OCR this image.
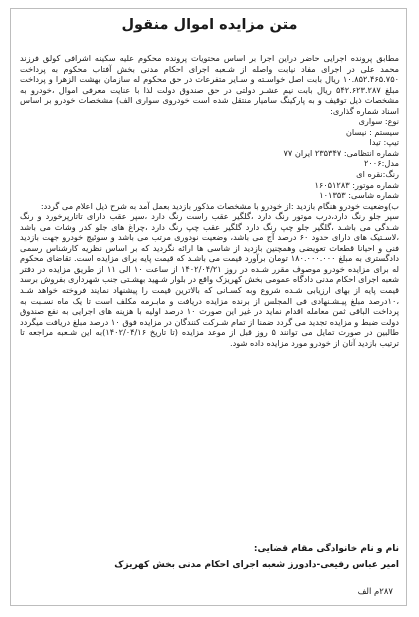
متن مزایده اموال منقول

مطابق پرونده اجرایی حاضر دراین اجرا بر اساس محتویات پرونده محکوم علیه سکینه اشرافی کولق فرزند محمد علی در اجرای مفاد نیابت واصله از شـعبه اجرای احکام مدنی بخش آفتاب محکوم به پرداخت ۱۰.۸۵۲.۴۶۵.۷۵۰ ریال بابت اصل خواسـته و سـایر متفرعات در حق محکوم له سازمان بهشت الزهرا و پرداخت مبلغ ۵۴۲.۶۲۳.۲۸۷ ریال بابت نیم عشـر دولتی در حق صندوق دولت لذا با عنایت معرفی اموال ،خودرو به مشخصات ذیل توقیف و به پارکینگ سامیار منتقل شده است خودروی سواری الف) مشخصات خودرو بر اساس اسناد شماره گذاری:

نوع: سواری

سیستم : نیسان

تیپ: تیدا

شماره انتظامی: ۲۳۵۳۴۷ ایران ۷۷

مدل:۲۰۰۶

رنگ:نقره ای

شماره موتور: ۱۶۰۵۱۲۸۳

شماره شاسی: ۱۰۱۳۵۳

ب)وضعیت خودرو هنگام بازدید :از خودرو با مشخصات مذکور بازدید بعمل آمد به شرح ذیل اعلام می گردد:

سپر جلو رنگ دارد،درب موتور رنگ دارد ،گلگیر عقب راست رنگ دارد ،سپر عقب دارای تاتارپرخورد و رنگ شـدگی می باشـد ،گلگیر جلو چپ رنگ دارد گلگیر عقب چپ رنگ دارد ،چراغ های جلو کدر وشات می باشد ،لاسـتیک های دارای حدود ۶۰ درصد آج می باشد، وضعیت نودوری مرتب می باشد و سوئیچ خودرو جهت بازدید فنی و احیانا قطعات تعویضی وهمچنین بازدید از شاسی ها ارائه نگردید که بر اساس نظریه کارشناس رسمی دادگستری به مبلغ ۱۸۰.۰۰۰.۰۰۰ تومان برآورد قیمت می باشـد که قیمت پایه برای مزایده است. تقاضای محکوم له برای مزایده خودرو موصوف مقرر شـده در روز ۱۴۰۲/۰۴/۲۱ از ساعت ۱۰ الی ۱۱ از طریق مزایده در دفتر شعبه اجرای احکام مدنی دادگاه عمومی بخش کهریزک واقع در بلوار شـهید بهشـتی جنب شهرداری بفروش برسد قیمت پایه از بهای ارزیابی شـده شروع وبه کسـانی که بالاترین قیمت را پیشنهاد نمایند فروخته خواهد شـد ،۱۰درصد مبلغ پیـشـنهادی فی المجلس از برنده مزایده دریافت و مابـرمه مکلف است تا یک ماه نسـبت به پرداخت الباقی ثمن معامله اقدام نماید در غیر این صورت ۱۰ درصد اولیه با هزینه های اجرایی به نفع صندوق دولت ضبط و مزایده تجدید می گردد ضمنا از تمام شـرکت کنندگان در مزایده فوق ۱۰ درصد مبلغ دریافت میگردد طالبین در صورت تمایل می توانند ۵ روز قبل از موعد مزایده (تا تاریخ ۱۴۰۲/۰۴/۱۶)به این شـعبه مراجعه تا ترتیب بازدید آنان از خودرو مورد مزایده داده شود.

نام و نام خانوادگی مقام قضایی:
امیر عباس رفیعی-دادورز شعبه اجرای احکام مدنی بخش کهریزک
۲۸۷م الف
